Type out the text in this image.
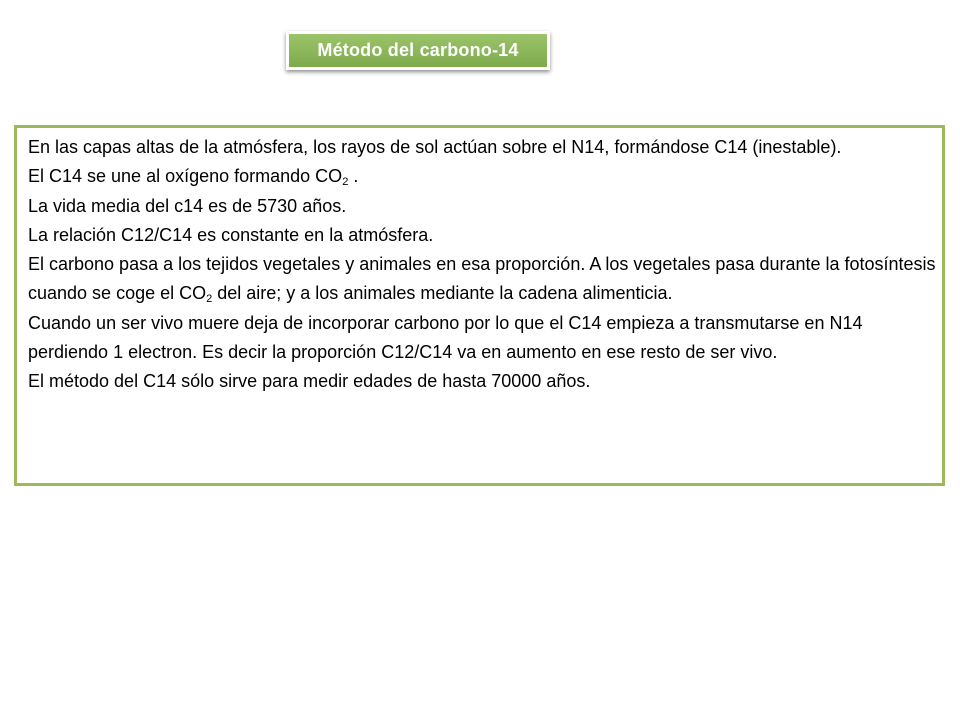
Método del carbono-14

En las capas altas de la atmósfera, los rayos de sol actúan sobre el N14, formándose C14 (inestable).

El C14 se une al oxígeno formando $CO_2$ .

La vida media del c14 es de 5730 años.

La relación C12/C14 es constante en la atmósfera.

El carbono pasa a los tejidos vegetales y animales en esa proporción. A los vegetales pasa durante la fotosíntesis cuando se coge el $CO_2$ del aire; y a los animales mediante la cadena alimenticia.

Cuando un ser vivo muere deja de incorporar carbono por lo que el C14 empieza a transmutarse en N14 perdiendo 1 electron. Es decir la proporción C12/C14 va en aumento en ese resto de ser vivo.

El método del C14 sólo sirve para medir edades de hasta 70000 años.
